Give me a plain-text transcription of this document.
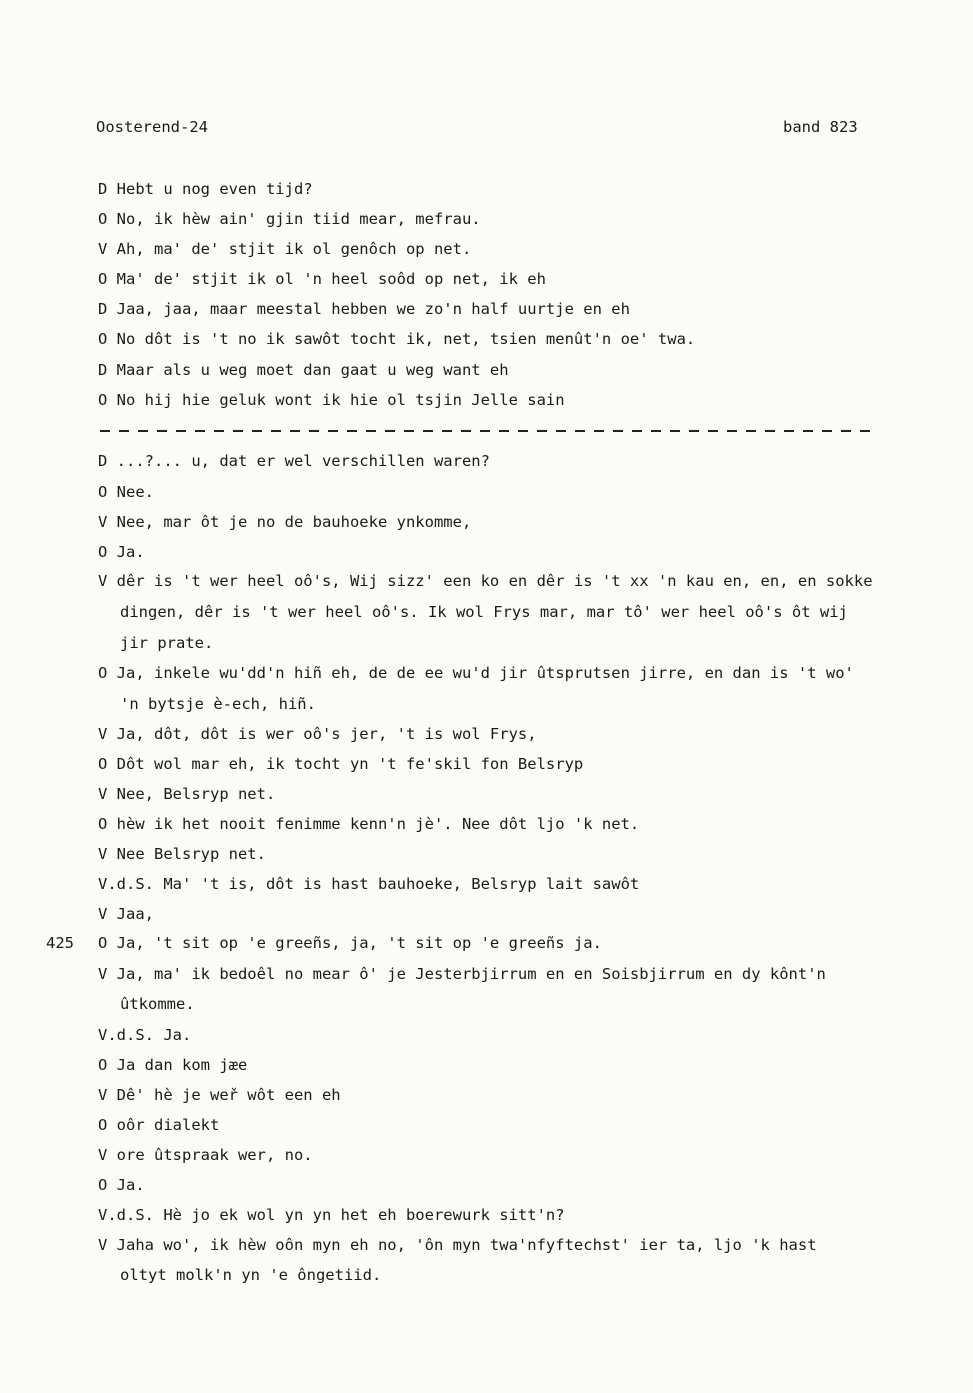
Oosterend-24	band 823
D Hebt u nog even tijd?
O No, ik hèw ain' gjin tiid mear, mefrau.
V Ah, ma' de' stjit ik ol genôch op net.
O Ma' de' stjit ik ol 'n heel soôd op net, ik eh
D Jaa, jaa, maar meestal hebben we zo'n half uurtje en eh
O No dôt is 't no ik sawôt tocht ik, net, tsien menût'n oe' twa.
D Maar als u weg moet dan gaat u weg want eh
O No hij hie geluk wont ik hie ol tsjin Jelle sain
D ...?... u, dat er wel verschillen waren?
O Nee.
V Nee, mar ôt je no de bauhoeke ynkomme,
O Ja.
V dêr is 't wer heel oô's, Wij sizz' een ko en dêr is 't xx 'n kau en, en, en sokke
dingen, dêr is 't wer heel oô's. Ik wol Frys mar, mar tô' wer heel oô's ôt wij
jir prate.
O Ja, inkele wu'dd'n hiñ eh, de de ee wu'd jir ûtsprutsen jirre, en dan is 't wo'
'n bytsje è-ech, hiñ.
V Ja, dôt, dôt is wer oô's jer, 't is wol Frys,
O Dôt wol mar eh, ik tocht yn 't fe'skil fon Belsryp
V Nee, Belsryp net.
O hèw ik het nooit fenimme kenn'n jè'. Nee dôt ljo 'k net.
V Nee Belsryp net.
V.d.S. Ma' 't is, dôt is hast bauhoeke, Belsryp lait sawôt
V Jaa,
425 O Ja, 't sit op 'e greeñs, ja, 't sit op 'e greeñs ja.
V Ja, ma' ik bedoêl no mear ô' je Jesterbjirrum en en Soisbjirrum en dy kônt'n
ûtkomme.
V.d.S. Ja.
O Ja dan kom jæe
V Dê' hè je weř wôt een eh
O oôr dialekt
V ore ûtspraak wer, no.
O Ja.
V.d.S. Hè jo ek wol yn yn het eh boerewurk sitt'n?
V Jaha wo', ik hèw oôn myn eh no, 'ôn myn twa'nfyftechst' ier ta, ljo 'k hast
oltyt molk'n yn 'e ôngetiid.
